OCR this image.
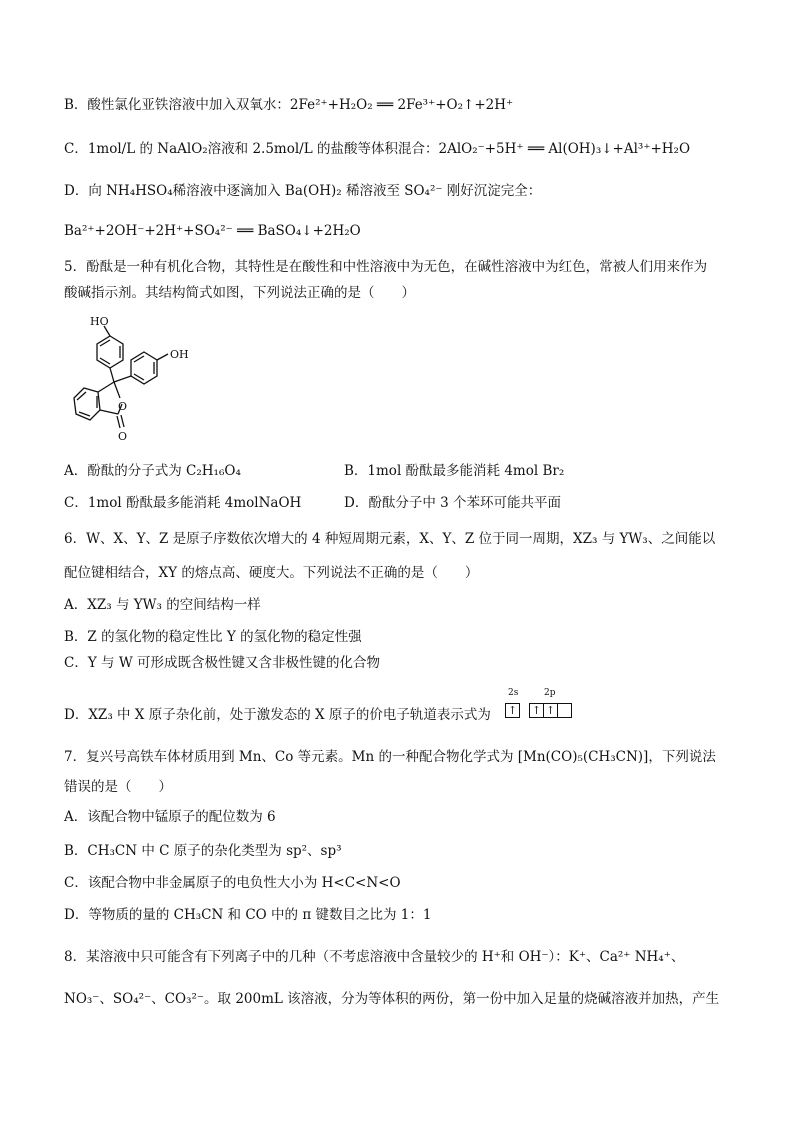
B．酸性氯化亚铁溶液中加入双氧水：2Fe²⁺+H₂O₂ ══ 2Fe³⁺+O₂↑+2H⁺
C．1mol/L 的 NaAlO₂溶液和 2.5mol/L 的盐酸等体积混合：2AlO₂⁻+5H⁺ ══ Al(OH)₃↓+Al³⁺+H₂O
D．向 NH₄HSO₄稀溶液中逐滴加入 Ba(OH)₂ 稀溶液至 SO₄²⁻ 刚好沉淀完全：
Ba²⁺+2OH⁻+2H⁺+SO₄²⁻ ══ BaSO₄↓+2H₂O
5．酚酞是一种有机化合物，其特性是在酸性和中性溶液中为无色，在碱性溶液中为红色，常被人们用来作为
酸碱指示剂。其结构简式如图，下列说法正确的是（　　）
HO
OH
O
O
A．酚酞的分子式为 C₂H₁₆O₄	B．1mol 酚酞最多能消耗 4mol Br₂
C．1mol 酚酞最多能消耗 4molNaOH	D．酚酞分子中 3 个苯环可能共平面
6．W、X、Y、Z 是原子序数依次增大的 4 种短周期元素，X、Y、Z 位于同一周期，XZ₃ 与 YW₃、之间能以
配位键相结合，XY 的熔点高、硬度大。下列说法不正确的是（　　）
A．XZ₃ 与 YW₃ 的空间结构一样
B．Z 的氢化物的稳定性比 Y 的氢化物的稳定性强
C．Y 与 W 可形成既含极性键又含非极性键的化合物
D．XZ₃ 中 X 原子杂化前，处于激发态的 X 原子的价电子轨道表示式为
2s	2p
↑ ↑ ↑
7．复兴号高铁车体材质用到 Mn、Co 等元素。Mn 的一种配合物化学式为 [Mn(CO)₅(CH₃CN)]，下列说法
错误的是（　　）
A．该配合物中锰原子的配位数为 6
B．CH₃CN 中 C 原子的杂化类型为 sp²、sp³
C．该配合物中非金属原子的电负性大小为 H<C<N<O
D．等物质的量的 CH₃CN 和 CO 中的 π 键数目之比为 1：1
8．某溶液中只可能含有下列离子中的几种（不考虑溶液中含量较少的 H⁺和 OH⁻）：K⁺、Ca²⁺ NH₄⁺、
NO₃⁻、SO₄²⁻、CO₃²⁻。取 200mL 该溶液，分为等体积的两份，第一份中加入足量的烧碱溶液并加热，产生
